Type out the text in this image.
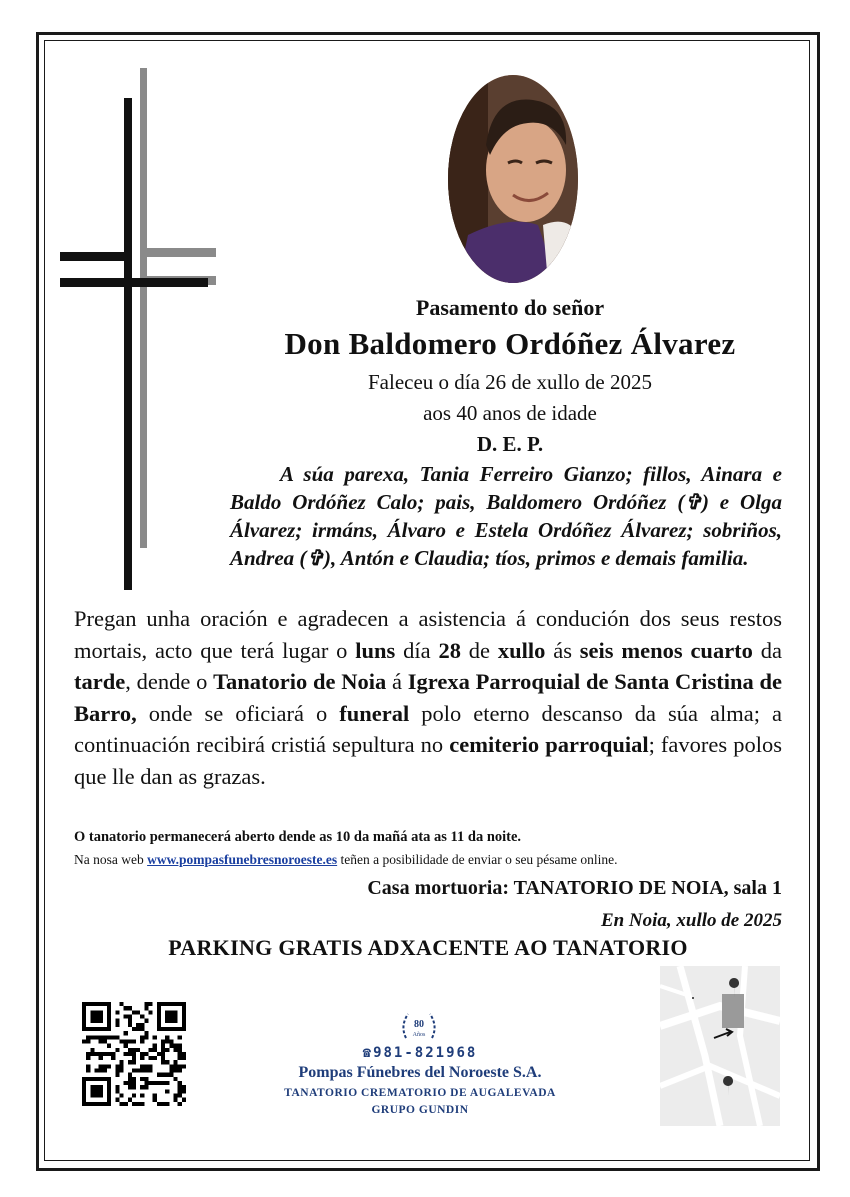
Pasamento do señor
Don Baldomero Ordóñez Álvarez
Faleceu o día 26 de xullo de 2025
aos 40 anos de idade
D. E. P.
A súa parexa, Tania Ferreiro Gianzo; fillos, Ainara e Baldo Ordóñez Calo; pais, Baldomero Ordóñez (✞) e Olga Álvarez; irmáns, Álvaro e Estela Ordóñez Álvarez; sobriños, Andrea (✞), Antón e Claudia; tíos, primos e demais familia.
Pregan unha oración e agradecen a asistencia á condución dos seus restos mortais, acto que terá lugar o luns día 28 de xullo ás seis menos cuarto da tarde, dende o Tanatorio de Noia á Igrexa Parroquial de Santa Cristina de Barro, onde se oficiará o funeral polo eterno descanso da súa alma; a continuación recibirá cristiá sepultura no cemiterio parroquial; favores polos que lle dan as grazas.
O tanatorio permanecerá aberto dende as 10 da mañá ata as 11 da noite.
Na nosa web www.pompasfunebresnoroeste.es teñen a posibilidade de enviar o seu pésame online.
Casa mortuoria: TANATORIO DE NOIA, sala 1
En Noia, xullo de 2025
PARKING GRATIS ADXACENTE AO TANATORIO
80
Años
☎981-821968
Pompas Fúnebres del Noroeste S.A.
TANATORIO CREMATORIO DE AUGALEVADA
GRUPO GUNDIN
